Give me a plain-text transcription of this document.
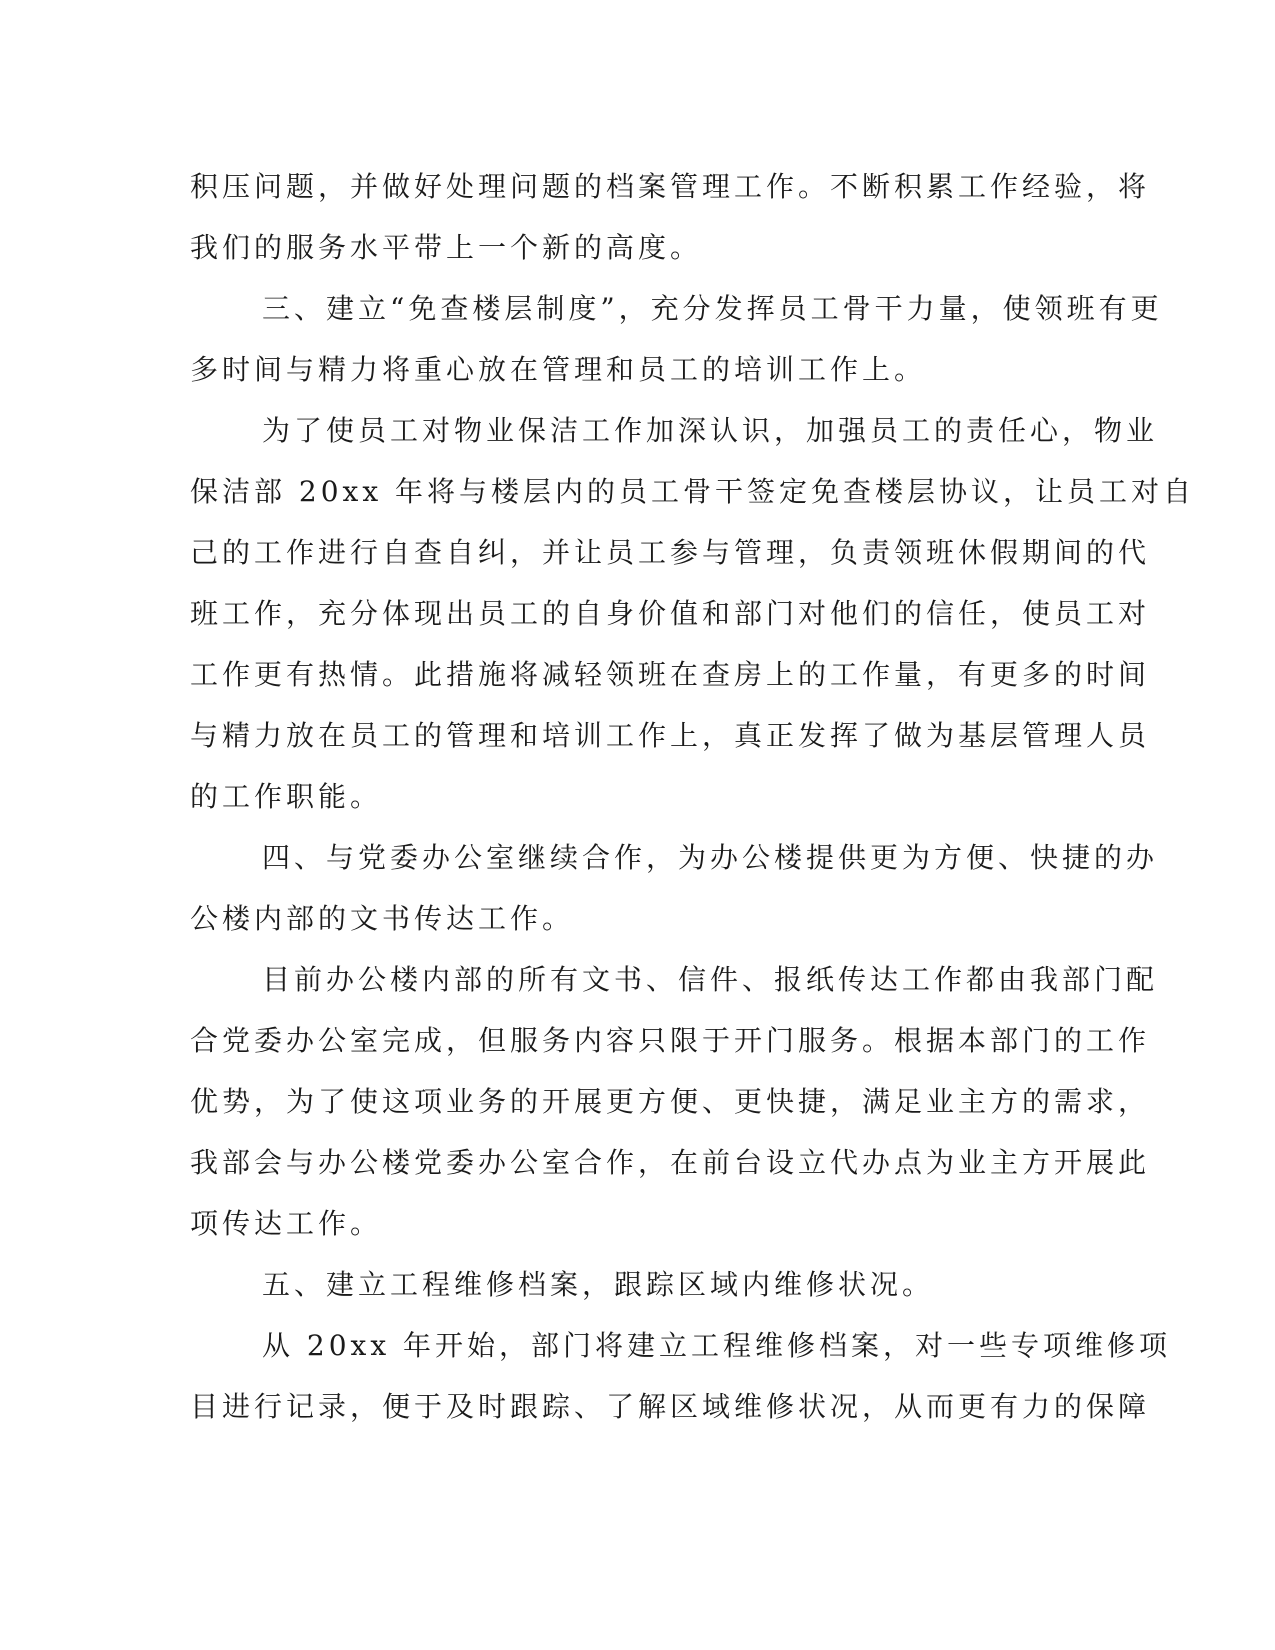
积压问题，并做好处理问题的档案管理工作。不断积累工作经验，将
我们的服务水平带上一个新的高度。
三、建立“免查楼层制度”，充分发挥员工骨干力量，使领班有更
多时间与精力将重心放在管理和员工的培训工作上。
为了使员工对物业保洁工作加深认识，加强员工的责任心，物业
保洁部 20xx 年将与楼层内的员工骨干签定免查楼层协议，让员工对自
己的工作进行自查自纠，并让员工参与管理，负责领班休假期间的代
班工作，充分体现出员工的自身价值和部门对他们的信任，使员工对
工作更有热情。此措施将减轻领班在查房上的工作量，有更多的时间
与精力放在员工的管理和培训工作上，真正发挥了做为基层管理人员
的工作职能。
四、与党委办公室继续合作，为办公楼提供更为方便、快捷的办
公楼内部的文书传达工作。
目前办公楼内部的所有文书、信件、报纸传达工作都由我部门配
合党委办公室完成，但服务内容只限于开门服务。根据本部门的工作
优势，为了使这项业务的开展更方便、更快捷，满足业主方的需求，
我部会与办公楼党委办公室合作，在前台设立代办点为业主方开展此
项传达工作。
五、建立工程维修档案，跟踪区域内维修状况。
从 20xx 年开始，部门将建立工程维修档案，对一些专项维修项
目进行记录，便于及时跟踪、了解区域维修状况，从而更有力的保障
